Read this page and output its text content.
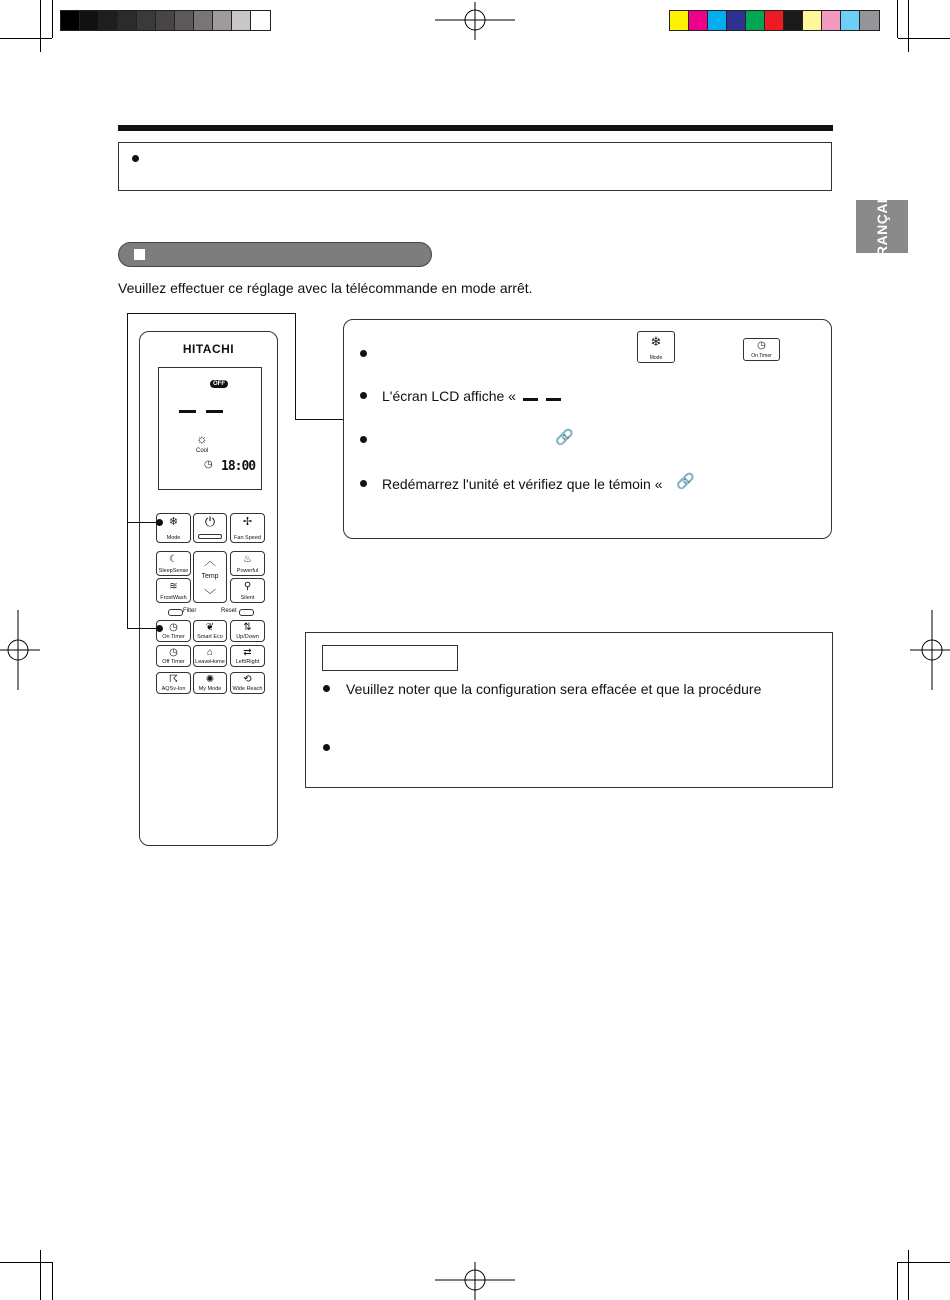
FRANÇAIS
Veuillez effectuer ce réglage avec la télécommande en mode arrêt.
HITACHI
OFF
☼
Cool
◷ 18:00
❄
Mode
⏻	✢
Fan Speed
☾
SleepSense
︿
Temp
﹀
♨
Powerful
≋
FrostWash
⚲
Silent
Filter	Reset
◷
On Timer
❦
Smart Eco
⇅
Up/Down
◷
Off Timer
⌂
LeaveHome
⇄
Left/Right
☈
AQSv-Ion
✺
My Mode
⟲
Wide Reach
❄
Mode
◷
On Timer
L'écran LCD affiche «
🔗
Redémarrez l'unité et vérifiez que le témoin « 🔗
Veuillez noter que la configuration sera effacée et que la procédure
